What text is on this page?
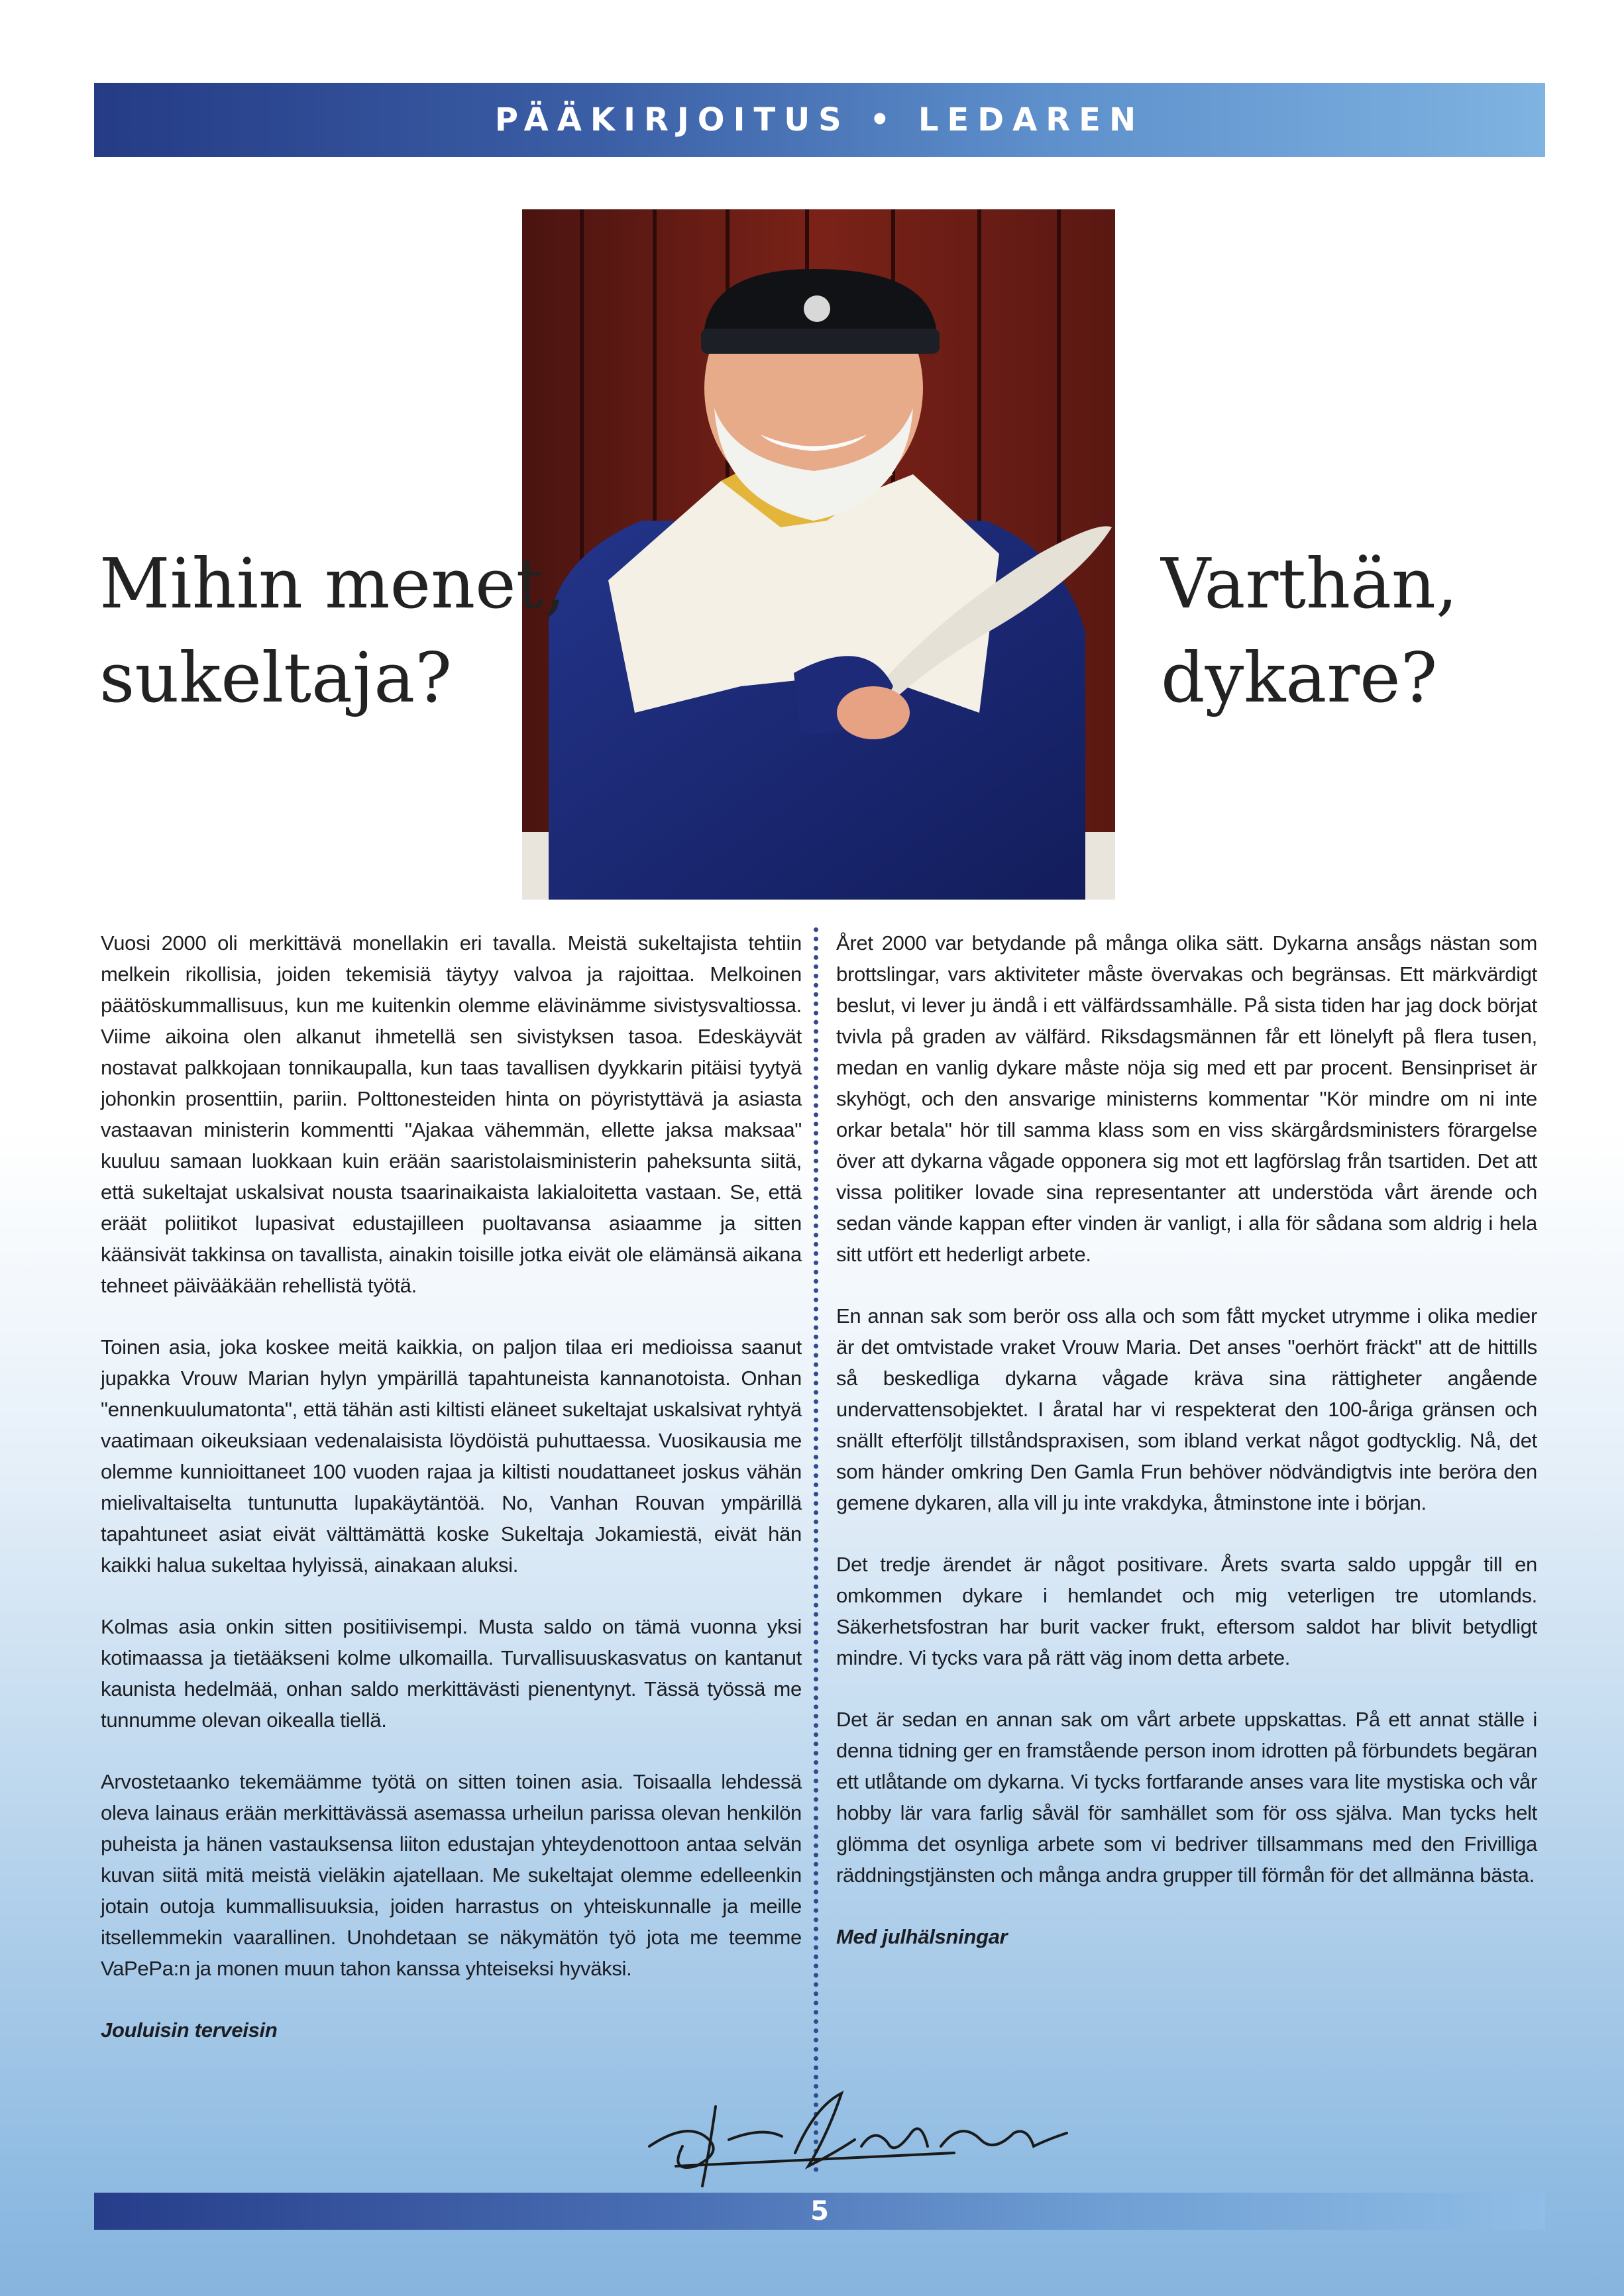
PÄÄKIRJOITUS • LEDAREN
Mihin menet,
sukeltaja?
Varthän,
dykare?

Vuosi 2000 oli merkittävä monellakin eri tavalla. Meistä sukeltajista tehtiin melkein rikollisia, joiden tekemisiä täytyy valvoa ja rajoittaa. Melkoinen päätöskummallisuus, kun me kuitenkin olemme elävinämme sivistysvaltiossa. Viime aikoina olen alkanut ihmetellä sen sivistyksen tasoa. Edeskäyvät nostavat palkkojaan tonnikaupalla, kun taas tavallisen dyykkarin pitäisi tyytyä johonkin prosenttiin, pariin. Polttonesteiden hinta on pöyristyttävä ja asiasta vastaavan ministerin kommentti "Ajakaa vähemmän, ellette jaksa maksaa" kuuluu samaan luokkaan kuin erään saaristolaisministerin paheksunta siitä, että sukeltajat uskalsivat nousta tsaarinaikaista lakialoitetta vastaan. Se, että eräät poliitikot lupasivat edustajilleen puoltavansa asiaamme ja sitten käänsivät takkinsa on tavallista, ainakin toisille jotka eivät ole elämänsä aikana tehneet päivääkään rehellistä työtä.

Toinen asia, joka koskee meitä kaikkia, on paljon tilaa eri medioissa saanut jupakka Vrouw Marian hylyn ympärillä tapahtuneista kannanotoista. Onhan "ennenkuulumatonta", että tähän asti kiltisti eläneet sukeltajat uskalsivat ryhtyä vaatimaan oikeuksiaan vedenalaisista löydöistä puhuttaessa. Vuosikausia me olemme kunnioittaneet 100 vuoden rajaa ja kiltisti noudattaneet joskus vähän mielivaltaiselta tuntunutta lupakäytäntöä. No, Vanhan Rouvan ympärillä tapahtuneet asiat eivät välttämättä koske Sukeltaja Jokamiestä, eivät hän kaikki halua sukeltaa hylyissä, ainakaan aluksi.

Kolmas asia onkin sitten positiivisempi. Musta saldo on tämä vuonna yksi kotimaassa ja tietääkseni kolme ulkomailla. Turvallisuuskasvatus on kantanut kaunista hedelmää, onhan saldo merkittävästi pienentynyt. Tässä työssä me tunnumme olevan oikealla tiellä.

Arvostetaanko tekemäämme työtä on sitten toinen asia. Toisaalla lehdessä oleva lainaus erään merkittävässä asemassa urheilun parissa olevan henkilön puheista ja hänen vastauksensa liiton edustajan yhteydenottoon antaa selvän kuvan siitä mitä meistä vieläkin ajatellaan. Me sukeltajat olemme edelleenkin jotain outoja kummallisuuksia, joiden harrastus on yhteiskunnalle ja meille itsellemmekin vaarallinen. Unohdetaan se näkymätön työ jota me teemme VaPePa:n ja monen muun tahon kanssa yhteiseksi hyväksi.

Jouluisin terveisin

Året 2000 var betydande på många olika sätt. Dykarna ansågs nästan som brottslingar, vars aktiviteter måste övervakas och begränsas. Ett märkvärdigt beslut, vi lever ju ändå i ett välfärdssamhälle. På sista tiden har jag dock börjat tvivla på graden av välfärd. Riksdagsmännen får ett lönelyft på flera tusen, medan en vanlig dykare måste nöja sig med ett par procent. Bensinpriset är skyhögt, och den ansvarige ministerns kommentar "Kör mindre om ni inte orkar betala" hör till samma klass som en viss skärgårdsministers förargelse över att dykarna vågade opponera sig mot ett lagförslag från tsartiden. Det att vissa politiker lovade sina representanter att understöda vårt ärende och sedan vände kappan efter vinden är vanligt, i alla för sådana som aldrig i hela sitt utfört ett hederligt arbete.

En annan sak som berör oss alla och som fått mycket utrymme i olika medier är det omtvistade vraket Vrouw Maria. Det anses "oerhört fräckt" att de hittills så beskedliga dykarna vågade kräva sina rättigheter angående undervattensobjektet. I åratal har vi respekterat den 100-åriga gränsen och snällt efterföljt tillståndspraxisen, som ibland verkat något godtycklig. Nå, det som händer omkring Den Gamla Frun behöver nödvändigtvis inte beröra den gemene dykaren, alla vill ju inte vrakdyka, åtminstone inte i början.

Det tredje ärendet är något positivare. Årets svarta saldo uppgår till en omkommen dykare i hemlandet och mig veterligen tre utomlands. Säkerhetsfostran har burit vacker frukt, eftersom saldot har blivit betydligt mindre. Vi tycks vara på rätt väg inom detta arbete.

Det är sedan en annan sak om vårt arbete uppskattas. På ett annat ställe i denna tidning ger en framstående person inom idrotten på förbundets begäran ett utlåtande om dykarna. Vi tycks fortfarande anses vara lite mystiska och vår hobby lär vara farlig såväl för samhället som för oss själva. Man tycks helt glömma det osynliga arbete som vi bedriver tillsammans med den Frivilliga räddningstjänsten och många andra grupper till förmån för det allmänna bästa.

Med julhälsningar

5
